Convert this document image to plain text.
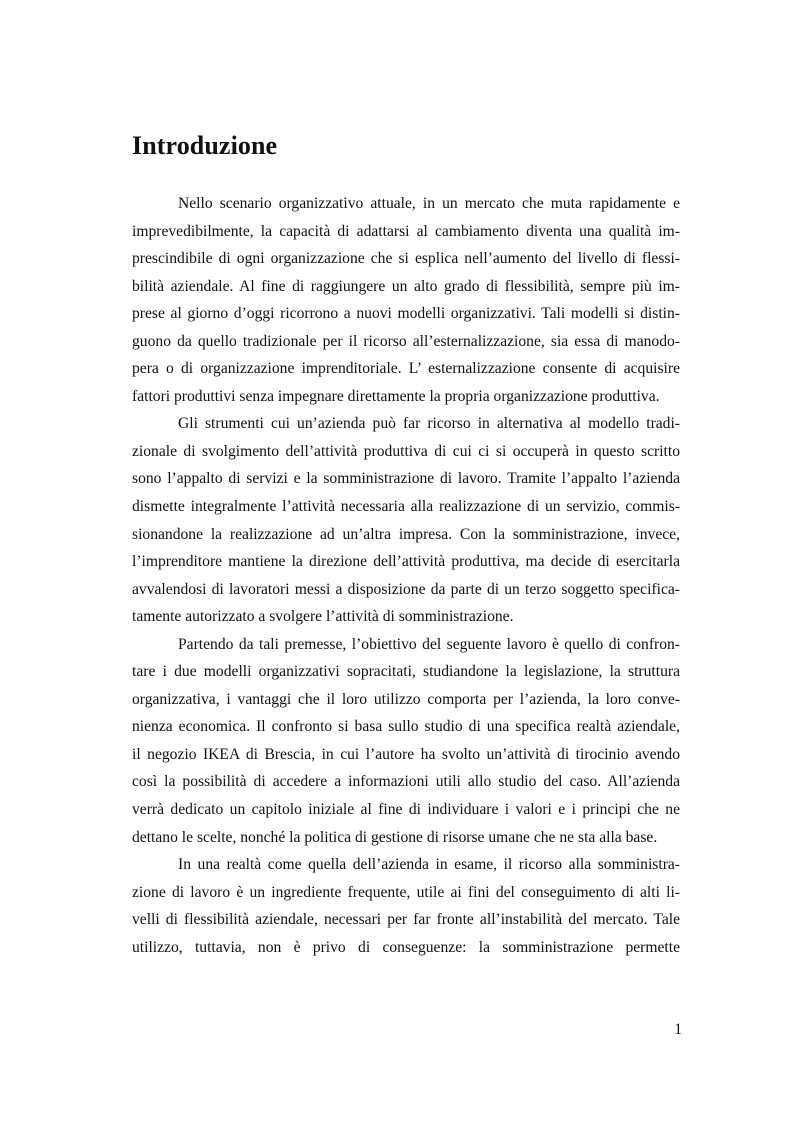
Introduzione
Nello scenario organizzativo attuale, in un mercato che muta rapidamente e
imprevedibilmente, la capacità di adattarsi al cambiamento diventa una qualità im-
prescindibile di ogni organizzazione che si esplica nell’aumento del livello di flessi-
bilità aziendale. Al fine di raggiungere un alto grado di flessibilità, sempre più im-
prese al giorno d’oggi ricorrono a nuovi modelli organizzativi. Tali modelli si distin-
guono da quello tradizionale per il ricorso all’esternalizzazione, sia essa di manodo-
pera o di organizzazione imprenditoriale. L’ esternalizzazione consente di acquisire
fattori produttivi senza impegnare direttamente la propria organizzazione produttiva.
Gli strumenti cui un’azienda può far ricorso in alternativa al modello tradi-
zionale di svolgimento dell’attività produttiva di cui ci si occuperà in questo scritto
sono l’appalto di servizi e la somministrazione di lavoro. Tramite l’appalto l’azienda
dismette integralmente l’attività necessaria alla realizzazione di un servizio, commis-
sionandone la realizzazione ad un’altra impresa. Con la somministrazione, invece,
l’imprenditore mantiene la direzione dell’attività produttiva, ma decide di esercitarla
avvalendosi di lavoratori messi a disposizione da parte di un terzo soggetto specifica-
tamente autorizzato a svolgere l’attività di somministrazione.
Partendo da tali premesse, l’obiettivo del seguente lavoro è quello di confron-
tare i due modelli organizzativi sopracitati, studiandone la legislazione, la struttura
organizzativa, i vantaggi che il loro utilizzo comporta per l’azienda, la loro conve-
nienza economica. Il confronto si basa sullo studio di una specifica realtà aziendale,
il negozio IKEA di Brescia, in cui l’autore ha svolto un’attività di tirocinio avendo
così la possibilità di accedere a informazioni utili allo studio del caso. All’azienda
verrà dedicato un capitolo iniziale al fine di individuare i valori e i principi che ne
dettano le scelte, nonché la politica di gestione di risorse umane che ne sta alla base.
In una realtà come quella dell’azienda in esame, il ricorso alla somministra-
zione di lavoro è un ingrediente frequente, utile ai fini del conseguimento di alti li-
velli di flessibilità aziendale, necessari per far fronte all’instabilità del mercato. Tale
utilizzo, tuttavia, non è privo di conseguenze: la somministrazione permette
1
